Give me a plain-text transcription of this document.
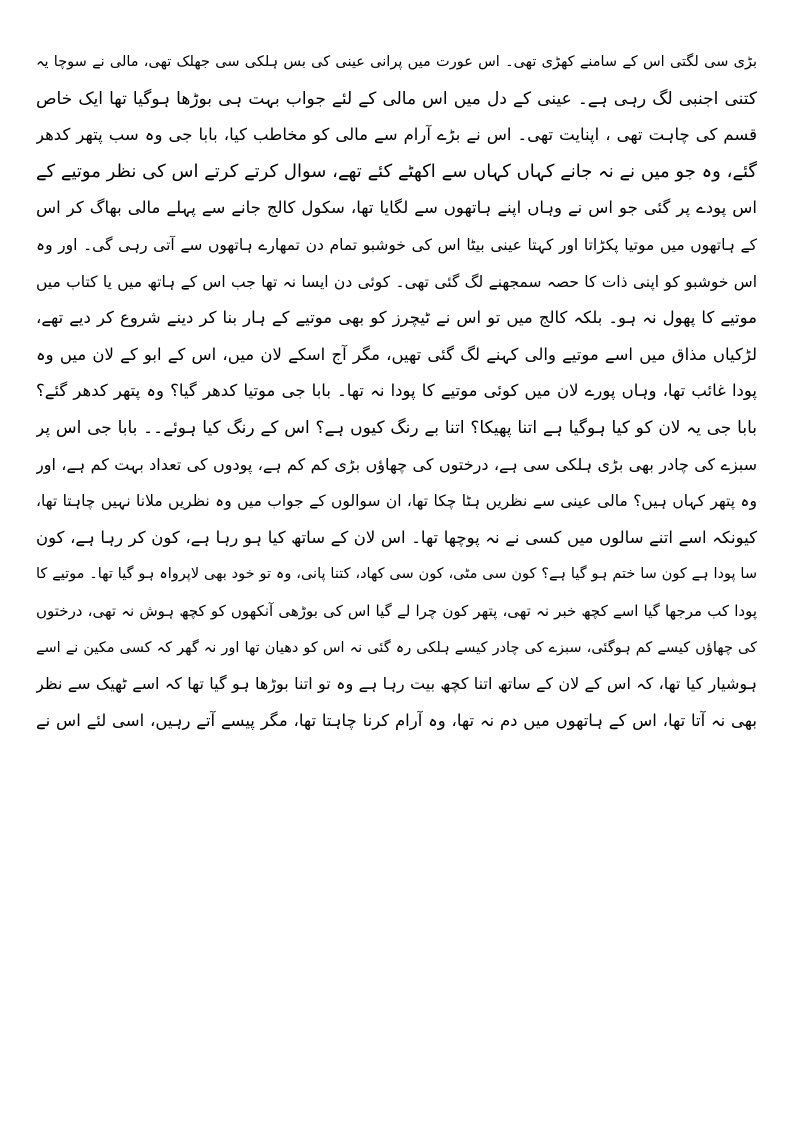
بڑی سی لگتی اس کے سامنے کھڑی تھی۔ اس عورت میں پرانی عینی کی بس ہلکی سی جھلک تھی، مالی نے سوچا یہ
کتنی اجنبی لگ رہی ہے۔ عینی کے دل میں اس مالی کے لئے جواب بہت ہی بوڑھا ہوگیا تھا ایک خاص
قسم کی چاہت تھی ، اپنایت تھی۔ اس نے بڑے آرام سے مالی کو مخاطب کیا، بابا جی وہ سب پتھر کدھر
گئے، وہ جو میں نے نہ جانے کہاں کہاں سے اکھٹے کئے تھے، سوال کرتے کرتے اس کی نظر موتیے کے
اس پودے پر گئی جو اس نے وہاں اپنے ہاتھوں سے لگایا تھا، سکول کالج جانے سے پہلے مالی بھاگ کر اس
کے ہاتھوں میں موتیا پکڑاتا اور کہتا عینی بیٹا اس کی خوشبو تمام دن تمھارے ہاتھوں سے آتی رہی گی۔ اور وہ
اس خوشبو کو اپنی ذات کا حصہ سمجھنے لگ گئی تھی۔ کوئی دن ایسا نہ تھا جب اس کے ہاتھ میں یا کتاب میں
موتیے کا پھول نہ ہو۔ بلکہ کالج میں تو اس نے ٹیچرز کو بھی موتیے کے ہار بنا کر دینے شروع کر دیے تھے،
لڑکیاں مذاق میں اسے موتیے والی کہنے لگ گئی تھیں، مگر آج اسکے لان میں، اس کے ابو کے لان میں وہ
پودا غائب تھا، وہاں پورے لان میں کوئی موتیے کا پودا نہ تھا۔ بابا جی موتیا کدھر گیا؟ وہ پتھر کدھر گئے؟
بابا جی یہ لان کو کیا ہوگیا ہے اتنا پھیکا؟ اتنا بے رنگ کیوں ہے؟ اس کے رنگ کیا ہوئے۔۔ بابا جی اس پر
سبزے کی چادر بھی بڑی ہلکی سی ہے، درختوں کی چھاؤں بڑی کم کم ہے، پودوں کی تعداد بہت کم ہے، اور
وہ پتھر کہاں ہیں؟ مالی عینی سے نظریں ہٹا چکا تھا، ان سوالوں کے جواب میں وہ نظریں ملانا نہیں چاہتا تھا،
کیونکہ اسے اتنے سالوں میں کسی نے نہ پوچھا تھا۔ اس لان کے ساتھ کیا ہو رہا ہے، کون کر رہا ہے، کون
سا پودا ہے کون سا ختم ہو گیا ہے؟ کون سی مٹی، کون سی کھاد، کتنا پانی، وہ تو خود بھی لاپرواہ ہو گیا تھا۔ موتیے کا
پودا کب مرجھا گیا اسے کچھ خبر نہ تھی، پتھر کون چرا لے گیا اس کی بوڑھی آنکھوں کو کچھ ہوش نہ تھی، درختوں
کی چھاؤں کیسے کم ہوگئی، سبزے کی چادر کیسے ہلکی رہ گئی نہ اس کو دھیان تھا اور نہ گھر کہ کسی مکین نے اسے
ہوشیار کیا تھا، کہ اس کے لان کے ساتھ اتنا کچھ بیت رہا ہے وہ تو اتنا بوڑھا ہو گیا تھا کہ اسے ٹھیک سے نظر
بھی نہ آتا تھا، اس کے ہاتھوں میں دم نہ تھا، وہ آرام کرنا چاہتا تھا، مگر پیسے آتے رہیں، اسی لئے اس نے
